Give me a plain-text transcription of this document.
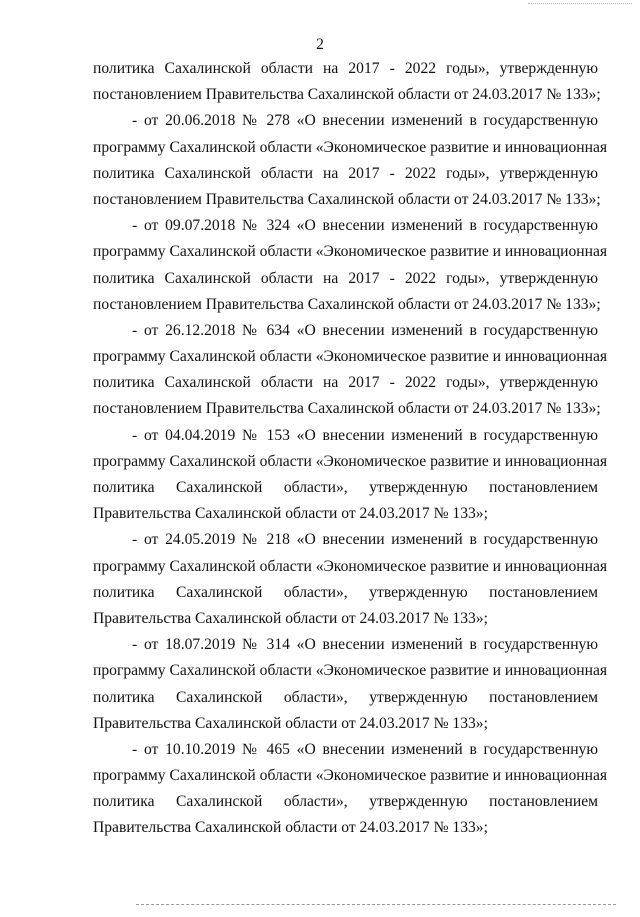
2

политика Сахалинской области на 2017 - 2022 годы», утвержденную
постановлением Правительства Сахалинской области от 24.03.2017 № 133»;

- от 20.06.2018 № 278 «О внесении изменений в государственную
программу Сахалинской области «Экономическое развитие и инновационная
политика Сахалинской области на 2017 - 2022 годы», утвержденную
постановлением Правительства Сахалинской области от 24.03.2017 № 133»;

- от 09.07.2018 № 324 «О внесении изменений в государственную
программу Сахалинской области «Экономическое развитие и инновационная
политика Сахалинской области на 2017 - 2022 годы», утвержденную
постановлением Правительства Сахалинской области от 24.03.2017 № 133»;

- от 26.12.2018 № 634 «О внесении изменений в государственную
программу Сахалинской области «Экономическое развитие и инновационная
политика Сахалинской области на 2017 - 2022 годы», утвержденную
постановлением Правительства Сахалинской области от 24.03.2017 № 133»;

- от 04.04.2019 № 153 «О внесении изменений в государственную
программу Сахалинской области «Экономическое развитие и инновационная
политика Сахалинской области», утвержденную постановлением
Правительства Сахалинской области от 24.03.2017 № 133»;

- от 24.05.2019 № 218 «О внесении изменений в государственную
программу Сахалинской области «Экономическое развитие и инновационная
политика Сахалинской области», утвержденную постановлением
Правительства Сахалинской области от 24.03.2017 № 133»;

- от 18.07.2019 № 314 «О внесении изменений в государственную
программу Сахалинской области «Экономическое развитие и инновационная
политика Сахалинской области», утвержденную постановлением
Правительства Сахалинской области от 24.03.2017 № 133»;

- от 10.10.2019 № 465 «О внесении изменений в государственную
программу Сахалинской области «Экономическое развитие и инновационная
политика Сахалинской области», утвержденную постановлением
Правительства Сахалинской области от 24.03.2017 № 133»;
